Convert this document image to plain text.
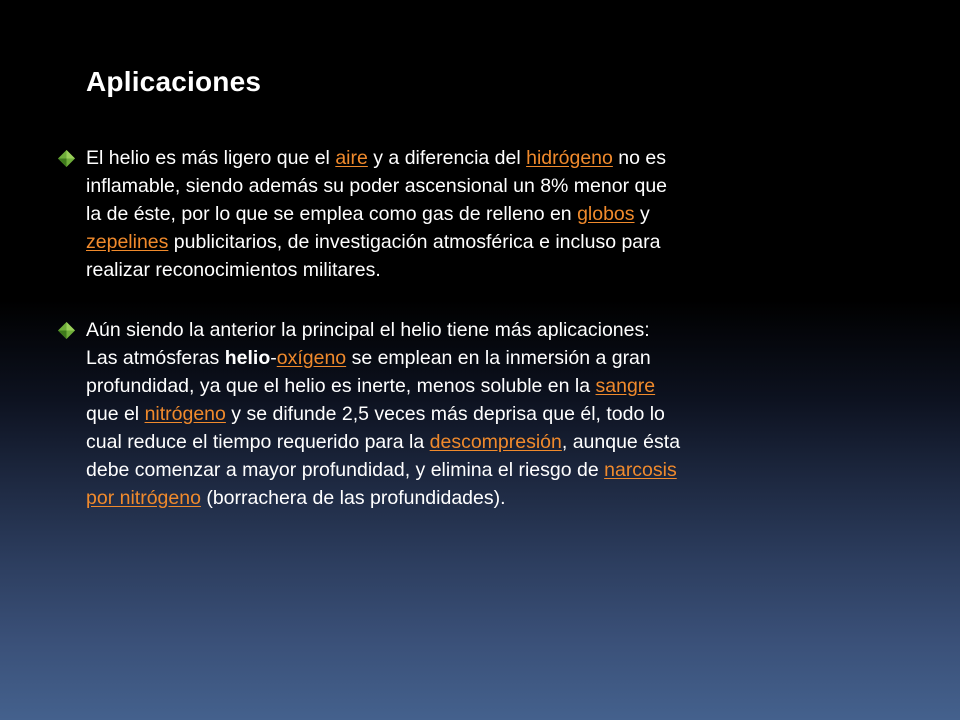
Aplicaciones
El helio es más ligero que el aire y a diferencia del hidrógeno no es
inflamable, siendo además su poder ascensional un 8% menor que
la de éste, por lo que se emplea como gas de relleno en globos y
zepelines publicitarios, de investigación atmosférica e incluso para
realizar reconocimientos militares.
Aún siendo la anterior la principal el helio tiene más aplicaciones:
Las atmósferas helio-oxígeno se emplean en la inmersión a gran
profundidad, ya que el helio es inerte, menos soluble en la sangre
que el nitrógeno y se difunde 2,5 veces más deprisa que él, todo lo
cual reduce el tiempo requerido para la descompresión, aunque ésta
debe comenzar a mayor profundidad, y elimina el riesgo de narcosis
por nitrógeno (borrachera de las profundidades).
